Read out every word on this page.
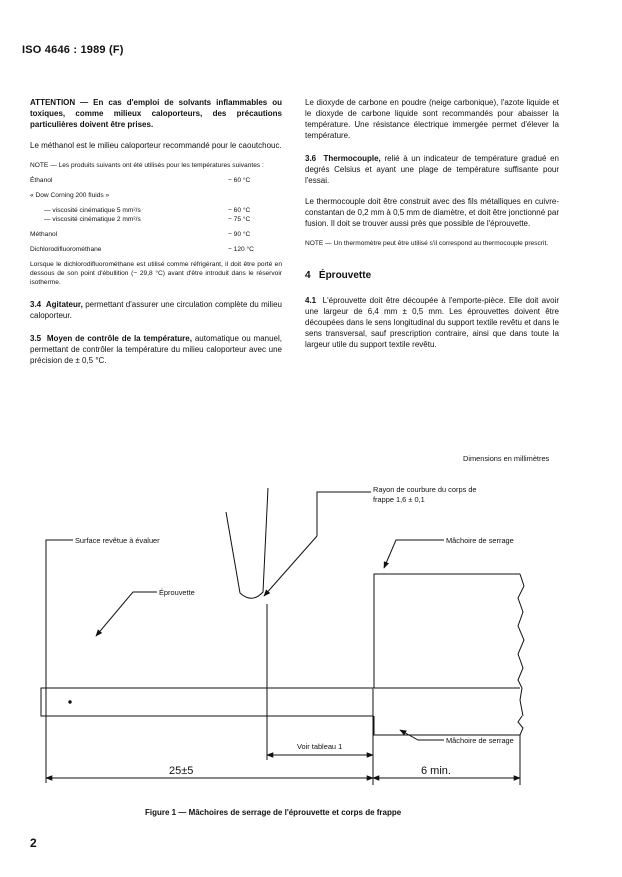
ISO 4646 : 1989 (F)

ATTENTION — En cas d'emploi de solvants inflammables ou toxiques, comme milieux caloporteurs, des précautions particulières doivent être prises.

Le méthanol est le milieu caloporteur recommandé pour le caoutchouc.

NOTE — Les produits suivants ont été utilisés pour les températures suivantes :

Éthanol	− 60 °C
« Dow Corning 200 fluids »
— viscosité cinématique 5 mm²/s	− 60 °C
— viscosité cinématique 2 mm²/s	− 75 °C
Méthanol	− 90 °C
Dichlorodifluorométhane	− 120 °C

Lorsque le dichlorodifluorométhane est utilisé comme réfrigérant, il doit être porté en dessous de son point d'ébullition (− 29,8 °C) avant d'être introduit dans le réservoir isotherme.

3.4 Agitateur, permettant d'assurer une circulation complète du milieu caloporteur.

3.5 Moyen de contrôle de la température, automatique ou manuel, permettant de contrôler la température du milieu caloporteur avec une précision de ± 0,5 °C.

Le dioxyde de carbone en poudre (neige carbonique), l'azote liquide et le dioxyde de carbone liquide sont recommandés pour abaisser la température. Une résistance électrique immergée permet d'élever la température.

3.6 Thermocouple, relié à un indicateur de température gradué en degrés Celsius et ayant une plage de température suffisante pour l'essai.

Le thermocouple doit être construit avec des fils métalliques en cuivre-constantan de 0,2 mm à 0,5 mm de diamètre, et doit être jonctionné par fusion. Il doit se trouver aussi près que possible de l'éprouvette.

NOTE — Un thermomètre peut être utilisé s'il correspond au thermocouple prescrit.

4 Éprouvette

4.1 L'éprouvette doit être découpée à l'emporte-pièce. Elle doit avoir une largeur de 6,4 mm ± 0,5 mm. Les éprouvettes doivent être découpées dans le sens longitudinal du support textile revêtu et dans le sens transversal, sauf prescription contraire, ainsi que dans toute la largeur utile du support textile revêtu.

Dimensions en millimètres
Rayon de courbure du corps de
frappe 1,6 ± 0,1
Surface revêtue à évaluer	Mâchoire de serrage
Éprouvette
Mâchoire de serrage
Voir tableau 1
25±5	6 min.
Figure 1 — Mâchoires de serrage de l'éprouvette et corps de frappe
2
